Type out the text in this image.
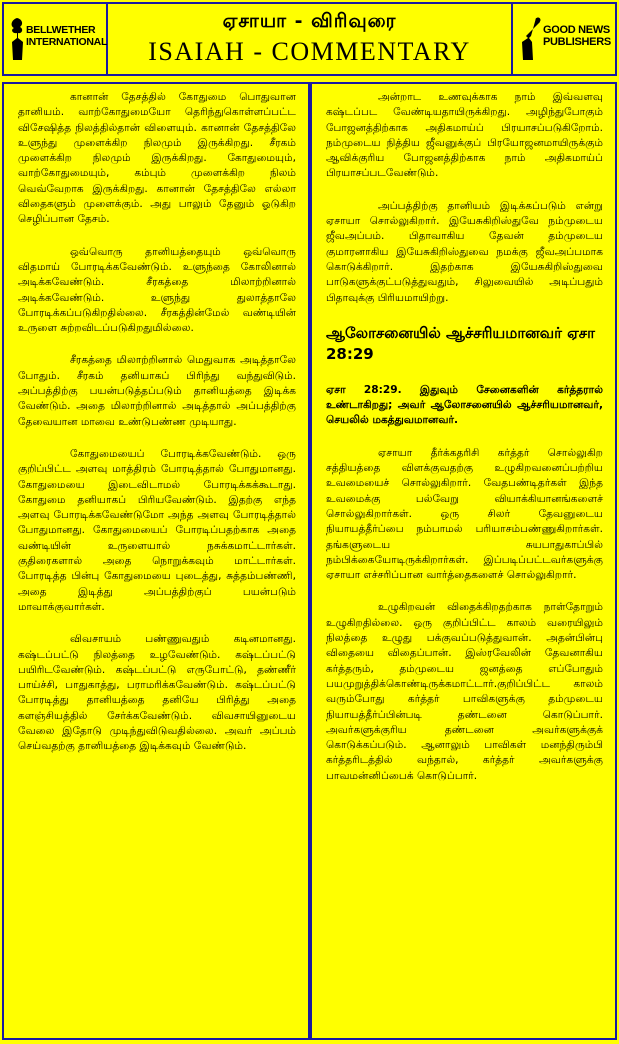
BELLWETHER
INTERNATIONAL
ஏசாயா - விரிவுரை
ISAIAH - COMMENTARY
GOOD NEWS
PUBLISHERS

கானான் தேசத்தில் கோதுமை பொதுவான தானியம். வாற்கோதுமையோ தெரிந்துகொள்ளப்பட்ட விசேஷித்த நிலத்தில்தான் விளையும். கானான் தேசத்திலே உளுந்து முளைக்கிற நிலமும் இருக்கிறது. சீரகம் முளைக்கிற நிலமும் இருக்கிறது. கோதுமையும், வாற்கோதுமையும், கம்பும் முளைக்கிற நிலம் வெவ்வேறாக இருக்கிறது. கானான் தேசத்திலே எல்லா விதைகளும் முளைக்கும். அது பாலும் தேனும் ஓடுகிற செழிப்பான தேசம்.

ஒவ்வொரு தானியத்தையும் ஒவ்வொரு விதமாய் போரடிக்கவேண்டும். உளுந்தை கோலினால் அடிக்கவேண்டும். சீரகத்தை மிலாற்றினால் அடிக்கவேண்டும். உளுந்து துலாத்தாலே போரடிக்கப்படுகிறதில்லை. சீரகத்தின்மேல் வண்டியின் உருளை சுற்றவிடப்படுகிறதுமில்லை.

சீரகத்தை மிலாற்றினால் மெதுவாக அடித்தாலே போதும். சீரகம் தனியாகப் பிரிந்து வந்துவிடும். அப்பத்திற்கு பயன்படுத்தப்படும் தானியத்தை இடிக்க வேண்டும். அதை மிலாற்றினால் அடித்தால் அப்பத்திற்கு தேவையான மாவை உண்டுபண்ண முடியாது.

கோதுமையைப் போரடிக்கவேண்டும். ஒரு குறிப்பிட்ட அளவு மாத்திரம் போரடித்தால் போதுமானது. கோதுமையை இடைவிடாமல் போரடிக்கக்கூடாது. கோதுமை தனியாகப் பிரியவேண்டும். இதற்கு எந்த அளவு போரடிக்கவேண்டுமோ அந்த அளவு போரடித்தால் போதுமானது. கோதுமையைப் போரடிப்பதற்காக அதை வண்டியின் உருளையால் நசுக்கமாட்டார்கள். குதிரைகளால் அதை நொறுக்கவும் மாட்டார்கள். போரடித்த பின்பு கோதுமையை புடைத்து, சுத்தம்பண்ணி, அதை இடித்து அப்பத்திற்குப் பயன்படும் மாவாக்குவார்கள்.

விவசாயம் பண்ணுவதும் கடினமானது. கஷ்டப்பட்டு நிலத்தை உழவேண்டும். கஷ்டப்பட்டு பயிரிடவேண்டும். கஷ்டப்பட்டு எருபோட்டு, தண்ணீர் பாய்ச்சி, பாதுகாத்து, பராமரிக்கவேண்டும். கஷ்டப்பட்டு போரடித்து தானியத்தை தனியே பிரித்து அதை களஞ்சியத்தில் சேர்க்கவேண்டும். விவசாயினுடைய வேலை இதோடு முடிந்துவிடுவதில்லை. அவர் அப்பம் செய்வதற்கு தானியத்தை இடிக்கவும் வேண்டும்.

அன்றாட உணவுக்காக நாம் இவ்வளவு கஷ்டப்பட வேண்டியதாயிருக்கிறது. அழிந்துபோகும் போஜனத்திற்காக அதிகமாய்ப் பிரயாசப்படுகிறோம். நம்முடைய நித்திய ஜீவனுக்குப் பிரயோஜனமாயிருக்கும் ஆவிக்குரிய போஜனத்திற்காக நாம் அதிகமாய்ப் பிரயாசப்படவேண்டும்.

அப்பத்திற்கு தானியம் இடிக்கப்படும் என்று ஏசாயா சொல்லுகிறார். இயேசுகிறிஸ்துவே நம்முடைய ஜீவஅப்பம். பிதாவாகிய தேவன் தம்முடைய குமாரனாகிய இயேசுகிறிஸ்துவை நமக்கு ஜீவஅப்பமாக கொடுக்கிறார். இதற்காக இயேசுகிறிஸ்துவை பாடுகளுக்குட்படுத்துவதும், சிலுவையில் அடிப்பதும் பிதாவுக்கு பிரியமாயிற்று.

ஆலோசனையில் ஆச்சரியமானவர் ஏசா 28:29

ஏசா 28:29. இதுவும் சேனைகளின் கர்த்தரால் உண்டாகிறது; அவர் ஆலோசனையில் ஆச்சரியமானவர், செயலில் மகத்துவமானவர்.

ஏசாயா தீர்க்கதரிசி கர்த்தர் சொல்லுகிற சத்தியத்தை விளக்குவதற்கு உழுகிறவனைப்பற்றிய உவமையைச் சொல்லுகிறார். வேதபண்டிதர்கள் இந்த உவமைக்கு பல்வேறு வியாக்கியானங்களைச் சொல்லுகிறார்கள். ஒரு சிலர் தேவனுடைய நியாயத்தீர்ப்பை நம்பாமல் பரியாசம்பண்ணுகிறார்கள். தங்களுடைய சுயபாதுகாப்பில் நம்பிக்கையோடிருக்கிறார்கள். இப்படிப்பட்டவர்களுக்கு ஏசாயா எச்சரிப்பான வார்த்தைகளைச் சொல்லுகிறார்.

உழுகிறவன் விதைக்கிறதற்காக நாள்தோறும் உழுகிறதில்லை. ஒரு குறிப்பிட்ட காலம் வரையிலும் நிலத்தை உழுது பக்குவப்படுத்துவான். அதன்பின்பு விதையை விதைப்பான். இஸ்ரவேலின் தேவனாகிய கர்த்தரும், தம்முடைய ஜனத்தை எப்போதும் பயமுறுத்திக்கொண்டிருக்கமாட்டார்.குறிப்பிட்ட காலம் வரும்போது கர்த்தர் பாவிகளுக்கு தம்முடைய நியாயத்தீர்ப்பின்படி தண்டனை கொடுப்பார். அவர்களுக்குரிய தண்டனை அவர்களுக்குக் கொடுக்கப்படும். ஆனாலும் பாவிகள் மனந்திரும்பி கர்த்தரிடத்தில் வந்தால், கர்த்தர் அவர்களுக்கு பாவமன்னிப்பைக் கொடுப்பார்.
